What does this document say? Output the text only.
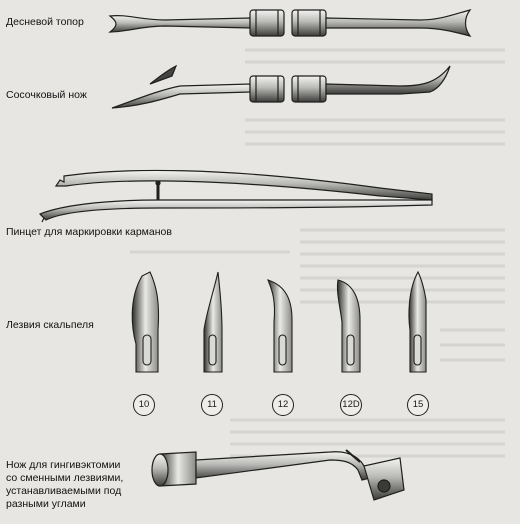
Десневой топор
Сосочковый нож
Пинцет для маркировки карманов
Лезвия скальпеля
Нож для гингивэктомии
со сменными лезвиями,
устанавливаемыми под
разными углами
10	11	12	12D	15
